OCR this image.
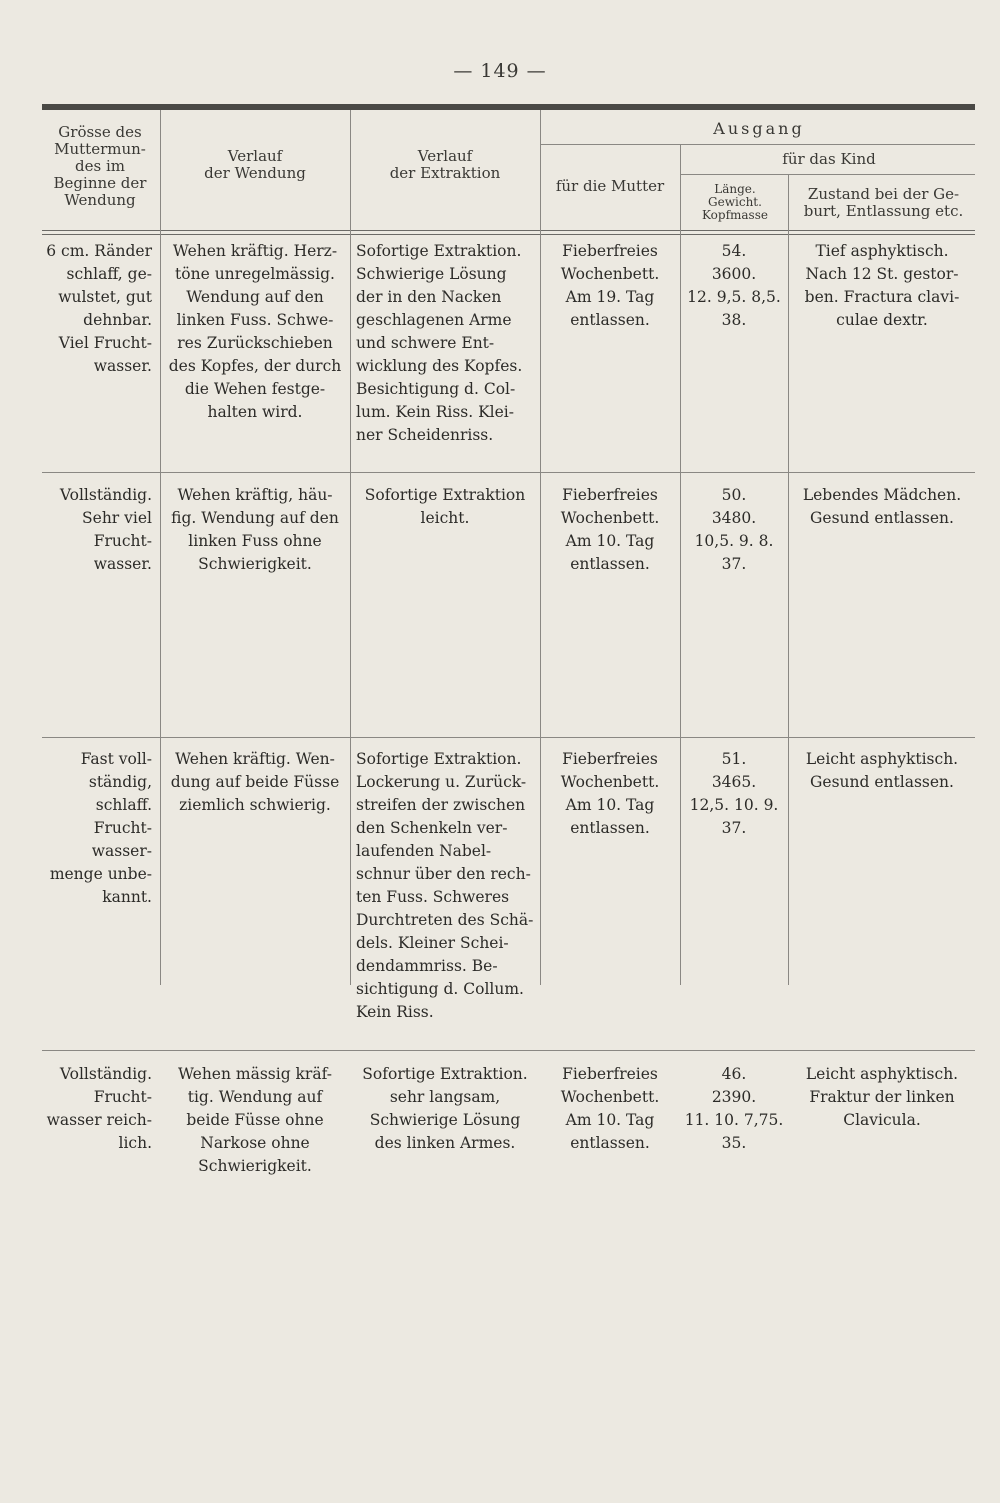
— 149 —
Grösse des
Muttermun-
des im
Beginne der
Wendung
Verlauf
der Wendung
Verlauf
der Extraktion
Ausgang
für die Mutter
für das Kind
Länge.
Gewicht.
Kopfmasse
Zustand bei der Ge-
burt, Entlassung etc.
6 cm. Ränder
schlaff, ge-
wulstet, gut
dehnbar.
Viel Frucht-
wasser.
Wehen kräftig. Herz-
töne unregelmässig.
Wendung auf den
linken Fuss. Schwe-
res Zurückschieben
des Kopfes, der durch
die Wehen festge-
halten wird.
Sofortige Extraktion.
Schwierige Lösung
der in den Nacken
geschlagenen Arme
und schwere Ent-
wicklung des Kopfes.
Besichtigung d. Col-
lum. Kein Riss. Klei-
ner Scheidenriss.
Fieberfreies
Wochenbett.
Am 19. Tag
entlassen.
54.
3600.
12. 9,5. 8,5.
38.
Tief asphyktisch.
Nach 12 St. gestor-
ben. Fractura clavi-
culae dextr.
Vollständig.
Sehr viel
Frucht-
wasser.
Wehen kräftig, häu-
fig. Wendung auf den
linken Fuss ohne
Schwierigkeit.
Sofortige Extraktion
leicht.
Fieberfreies
Wochenbett.
Am 10. Tag
entlassen.
50.
3480.
10,5. 9. 8.
37.
Lebendes Mädchen.
Gesund entlassen.
Fast voll-
ständig,
schlaff.
Frucht-
wasser-
menge unbe-
kannt.
Wehen kräftig. Wen-
dung auf beide Füsse
ziemlich schwierig.
Sofortige Extraktion.
Lockerung u. Zurück-
streifen der zwischen
den Schenkeln ver-
laufenden Nabel-
schnur über den rech-
ten Fuss. Schweres
Durchtreten des Schä-
dels. Kleiner Schei-
dendammriss. Be-
sichtigung d. Collum.
Kein Riss.
Fieberfreies
Wochenbett.
Am 10. Tag
entlassen.
51.
3465.
12,5. 10. 9.
37.
Leicht asphyktisch.
Gesund entlassen.
Vollständig.
Frucht-
wasser reich-
lich.
Wehen mässig kräf-
tig. Wendung auf
beide Füsse ohne
Narkose ohne
Schwierigkeit.
Sofortige Extraktion.
sehr langsam,
Schwierige Lösung
des linken Armes.
Fieberfreies
Wochenbett.
Am 10. Tag
entlassen.
46.
2390.
11. 10. 7,75.
35.
Leicht asphyktisch.
Fraktur der linken
Clavicula.
